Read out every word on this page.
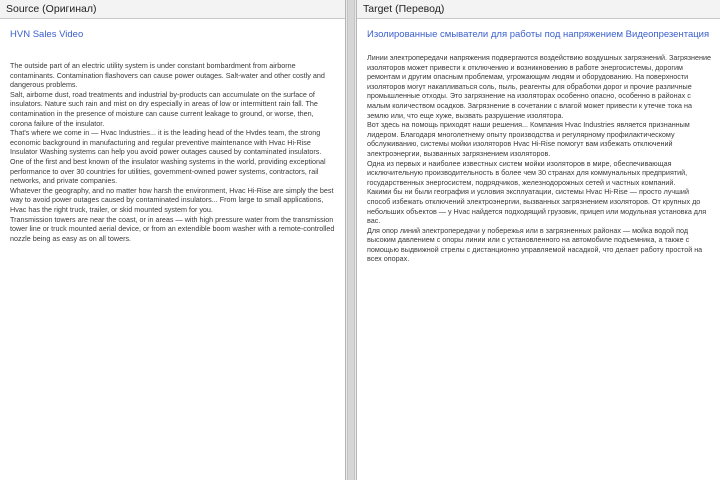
Source (Оригинал)

HVN Sales Video

The outside part of an electric utility system is under constant bombardment from airborne contaminants. Contamination flashovers can cause power outages. Salt-water and other costly and dangerous problems.

Salt, airborne dust, road treatments and industrial by-products can accumulate on the surface of insulators. Nature such rain and mist on dry especially in areas of low or intermittent rain fall. The contamination in the presence of moisture can cause current leakage to ground, or worse, then, corona failure of the insulator.

That's where we come in — Hvac Industries... it is the leading head of the Hvdes team, the strong economic background in manufacturing and regular preventive maintenance with Hvac Hi-Rise Insulator Washing systems can help you avoid power outages caused by contaminated insulators.

One of the first and best known of the insulator washing systems in the world, providing exceptional performance to over 30 countries for utilities, government-owned power systems, contractors, rail networks, and private companies.

Whatever the geography, and no matter how harsh the environment, Hvac Hi-Rise are simply the best way to avoid power outages caused by contaminated insulators... From large to small applications, Hvac has the right truck, trailer, or skid mounted system for you.

Transmission towers are near the coast, or in areas — with high pressure water from the transmission tower line or truck mounted aerial device, or from an extendible boom washer with a remote-controlled nozzle being as easy as on all towers.

Target (Перевод)

Изолированные смыватели для работы под напряжением Видеопрезентация

Линии электропередачи напряжения подвергаются воздействию воздушных загрязнений. Загрязнение изоляторов может привести к отключению и возникновению в работе энергосистемы, дорогим ремонтам и другим опасным проблемам, угрожающим людям и оборудованию. На поверхности изоляторов могут накапливаться соль, пыль, реагенты для обработки дорог и прочие различные промышленные отходы. Это загрязнение на изоляторах особенно опасно, особенно в районах с малым количеством осадков. Загрязнение в сочетании с влагой может привести к утечке тока на землю или, что еще хуже, вызвать разрушение изолятора.

Вот здесь на помощь приходят наши решения... Компания Hvac Industries является признанным лидером. Благодаря многолетнему опыту производства и регулярному профилактическому обслуживанию, системы мойки изоляторов Hvac Hi-Rise помогут вам избежать отключений электроэнергии, вызванных загрязнением изоляторов.

Одна из первых и наиболее известных систем мойки изоляторов в мире, обеспечивающая исключительную производительность в более чем 30 странах для коммунальных предприятий, государственных энергосистем, подрядчиков, железнодорожных сетей и частных компаний.

Какими бы ни были география и условия эксплуатации, системы Hvac Hi-Rise — просто лучший способ избежать отключений электроэнергии, вызванных загрязнением изоляторов. От крупных до небольших объектов — у Hvac найдется подходящий грузовик, прицеп или модульная установка для вас.

Для опор линий электропередачи у побережья или в загрязненных районах — мойка водой под высоким давлением с опоры линии или с установленного на автомобиле подъемника, а также с помощью выдвижной стрелы с дистанционно управляемой насадкой, что делает работу простой на всех опорах.
